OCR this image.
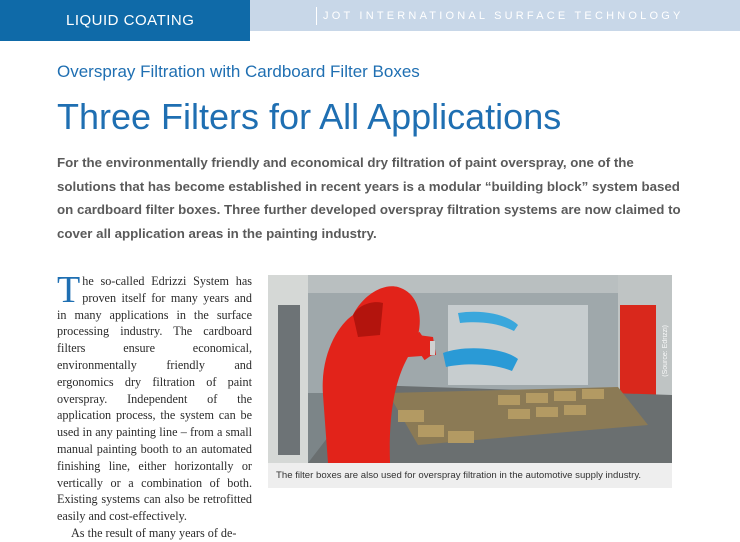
LIQUID COATING	JOT INTERNATIONAL SURFACE TECHNOLOGY
Overspray Filtration with Cardboard Filter Boxes
Three Filters for All Applications

For the environmentally friendly and economical dry filtration of paint overspray, one of the solutions that has become established in recent years is a modular “building block” system based on cardboard filter boxes. Three further developed overspray filtration systems are now claimed to cover all application areas in the painting industry.

The so-called Edrizzi System has proven itself for many years and in many applications in the surface processing industry. The cardboard filters ensure economical, environmentally friendly and ergonomics dry filtration of paint overspray. Independent of the application process, the system can be used in any painting line – from a small manual painting booth to an automated finishing line, either horizontally or vertically or a combination of both. Existing systems can also be retrofitted easily and cost-effectively.
As the result of many years of de-
(Source: Edrizzi)
The filter boxes are also used for overspray filtration in the automotive supply industry.
